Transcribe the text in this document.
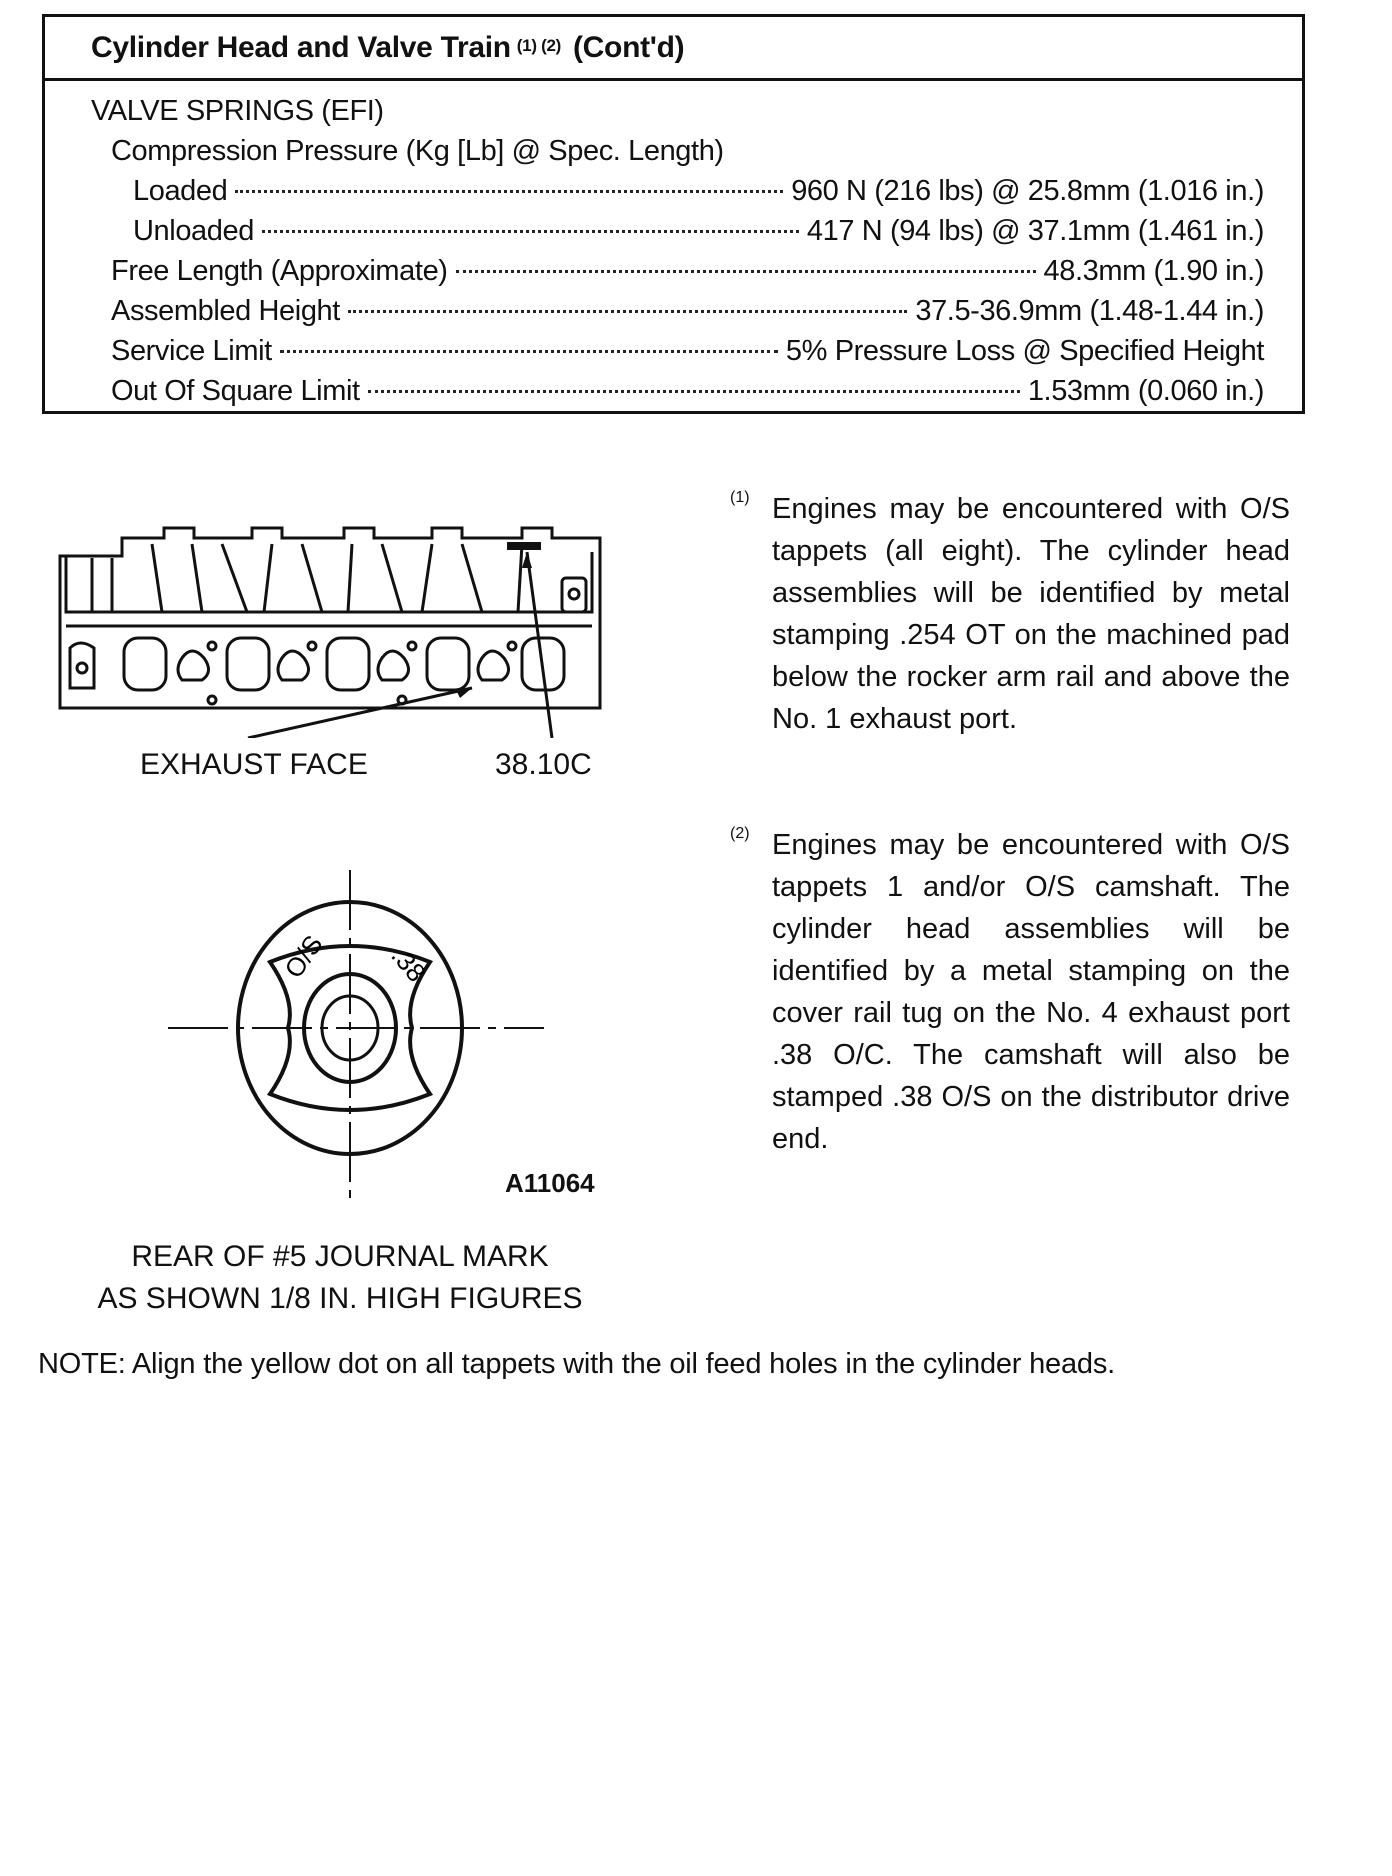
Cylinder Head and Valve Train $^{(1) (2)}$ (Cont'd)
VALVE SPRINGS (EFI)
Compression Pressure (Kg [Lb] @ Spec. Length)
Loaded	960 N (216 lbs) @ 25.8mm (1.016 in.)
Unloaded	417 N (94 lbs) @ 37.1mm (1.461 in.)
Free Length (Approximate)	48.3mm (1.90 in.)
Assembled Height	37.5-36.9mm (1.48-1.44 in.)
Service Limit	5% Pressure Loss @ Specified Height
Out Of Square Limit	1.53mm (0.060 in.)
EXHAUST FACE	38.10C
O/S .38
A11064
REAR OF #5 JOURNAL MARK
AS SHOWN 1/8 IN. HIGH FIGURES
(1) Engines may be encountered with O/S tappets (all eight). The cylinder head assemblies will be identified by metal stamping .254 OT on the machined pad below the rocker arm rail and above the No. 1 exhaust port.
(2) Engines may be encountered with O/S tappets 1 and/or O/S camshaft. The cylinder head assemblies will be identified by a metal stamping on the cover rail tug on the No. 4 exhaust port .38 O/C. The camshaft will also be stamped .38 O/S on the distributor drive end.
NOTE: Align the yellow dot on all tappets with the oil feed holes in the cylinder heads.
